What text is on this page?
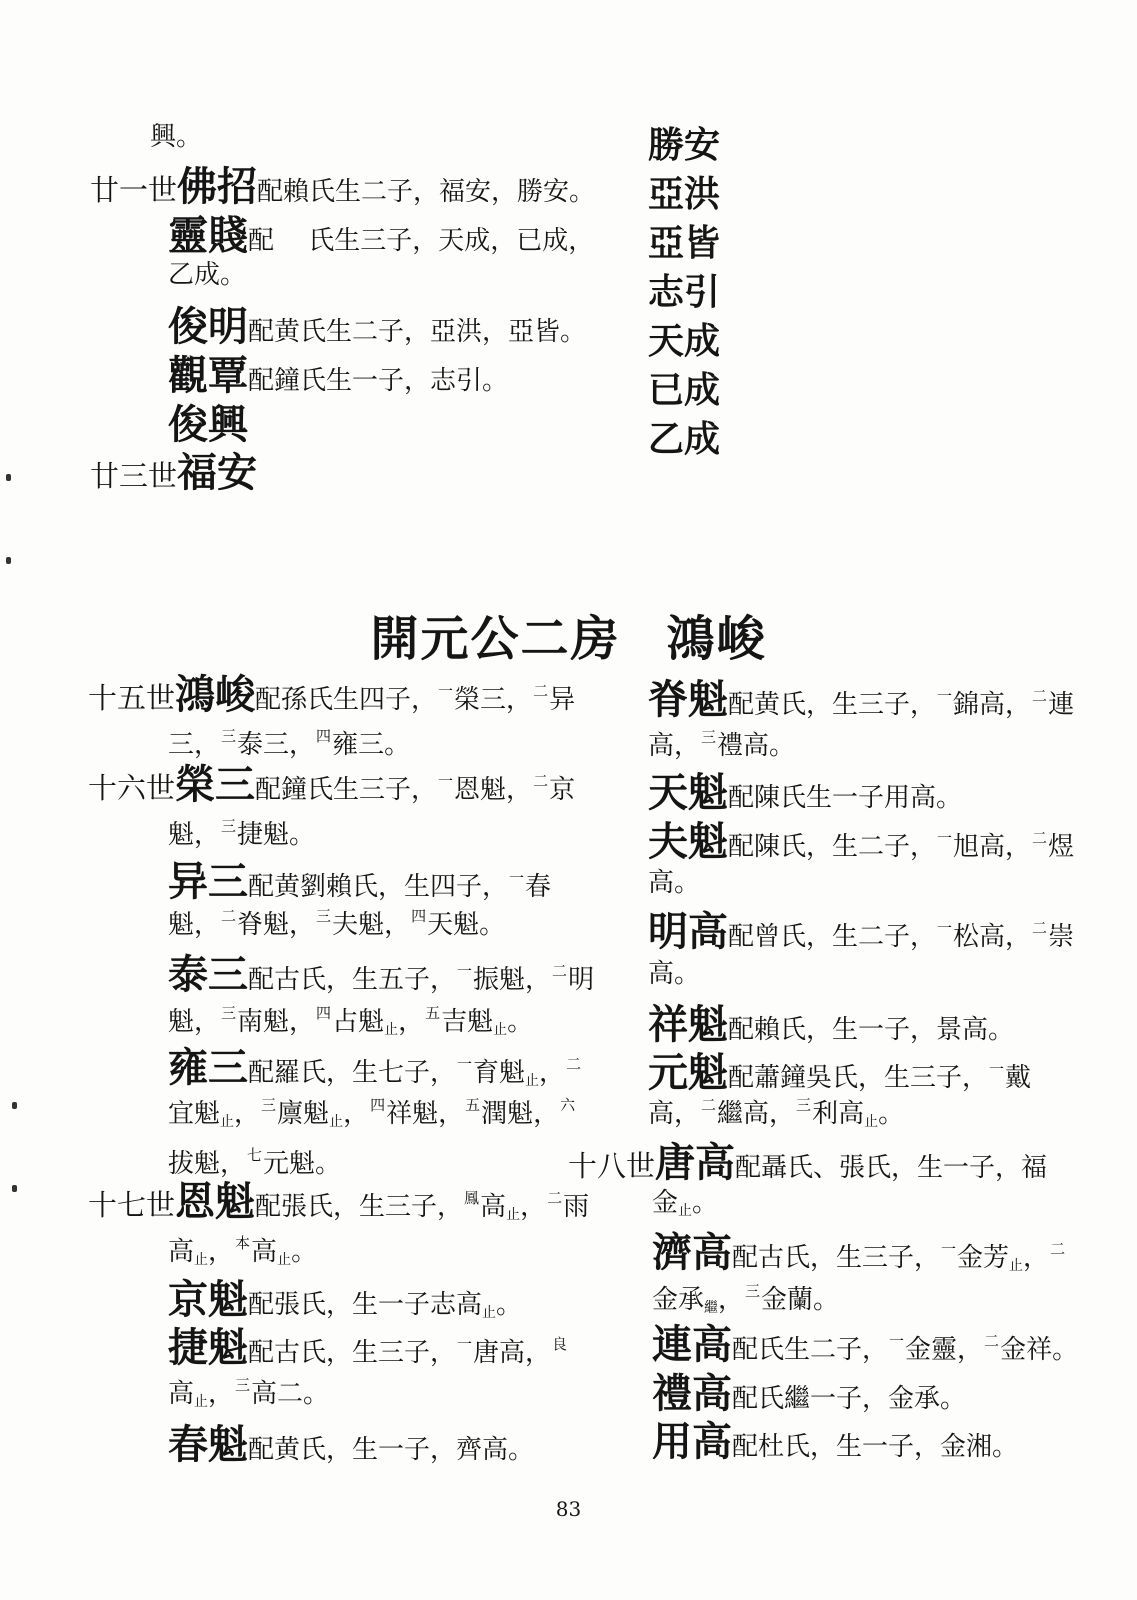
興。
廿一世佛招配賴氏生二子，福安，勝安。
靈賤配　 氏生三子，天成，已成，
乙成。
俊明配黄氏生二子，亞洪，亞皆。
觀覃配鐘氏生一子，志引。
俊興
廿三世福安
勝安
亞洪
亞皆
志引
天成
已成
乙成
開元公二房 鴻峻
十五世鴻峻配孫氏生四子，$^一$榮三，$^二$异
三，$^三$泰三，$^四$雍三。
十六世榮三配鐘氏生三子，$^一$恩魁，$^二$京
魁，$^三$捷魁。
异三配黄劉賴氏，生四子，$^一$春
魁，$^二$脊魁，$^三$夫魁，$^四$天魁。
泰三配古氏，生五子，$^一$振魁，$^二$明
魁，$^三$南魁，$^四$占魁$_止$，$^五$吉魁$_止$。
雍三配羅氏，生七子，$^一$育魁$_止$，$^二$
宜魁$_止$，$^三$廪魁$_止$，$^四$祥魁，$^五$潤魁，$^六$
拔魁，$^七$元魁。
十七世恩魁配張氏，生三子，$^鳳$高$_止$，$^二$雨
高$_止$，$^本$高$_止$。
京魁配張氏，生一子志高$_止$。
捷魁配古氏，生三子，$^一$唐高，$^良$
高$_止$，$^三$高二。
春魁配黄氏，生一子，齊高。
脊魁配黄氏，生三子，$^一$錦高，$^二$連
高，$^三$禮高。
天魁配陳氏生一子用高。
夫魁配陳氏，生二子，$^一$旭高，$^二$煜
高。
明高配曾氏，生二子，$^一$松高，$^二$崇
高。
祥魁配賴氏，生一子，景高。
元魁配蕭鐘吳氏，生三子，$^一$戴
高，$^二$繼高，$^三$利高$_止$。
十八世唐高配聶氏、張氏，生一子，福
金$_止$。
濟高配古氏，生三子，$^一$金芳$_止$，$^二$
金承$_繼$，$^三$金蘭。
連高配氏生二子，$^一$金靈，$^二$金祥。
禮高配氏繼一子，金承。
用高配杜氏，生一子，金湘。
83
